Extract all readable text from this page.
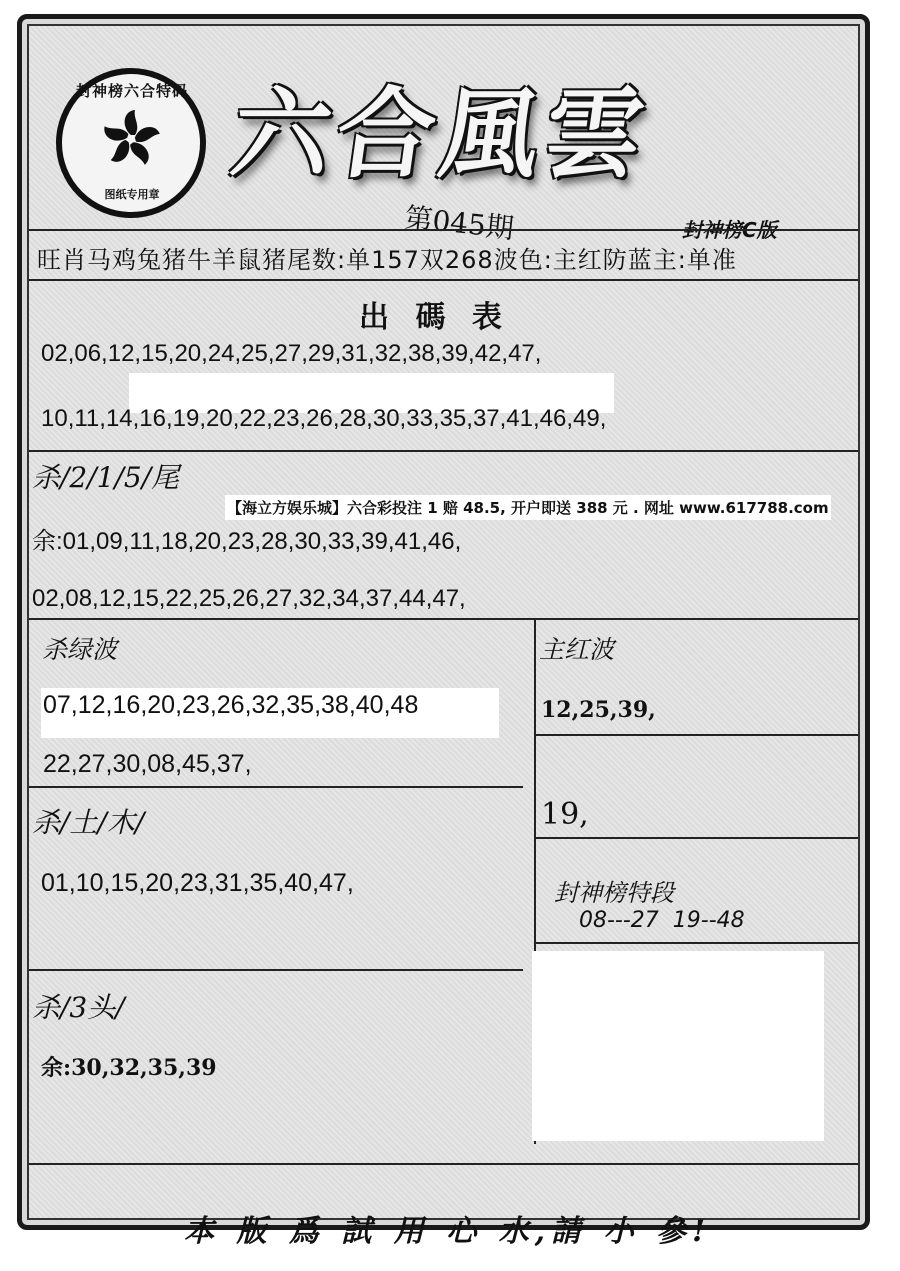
封神榜六合特码
图纸专用章
六合風雲
第045期	封神榜C版
旺肖马鸡兔猪牛羊鼠猪尾数:单157双268波色:主红防蓝主:单准
出 碼 表
02,06,12,15,20,24,25,27,29,31,32,38,39,42,47,
10,11,14,16,19,20,22,23,26,28,30,33,35,37,41,46,49,
杀/2/1/5/尾
【海立方娱乐城】六合彩投注 1 赔 48.5, 开户即送 388 元 . 网址 www.617788.com
余:01,09,11,18,20,23,28,30,33,39,41,46,
02,08,12,15,22,25,26,27,32,34,37,44,47,
杀绿波
07,12,16,20,23,26,32,35,38,40,48
22,27,30,08,45,37,
主红波
12,25,39,
19,
杀/土/木/
01,10,15,20,23,31,35,40,47,	封神榜特段
08---27  19--48
杀/3头/
余:30,32,35,39
本 版 爲 試 用 心 水,請 小 參!
